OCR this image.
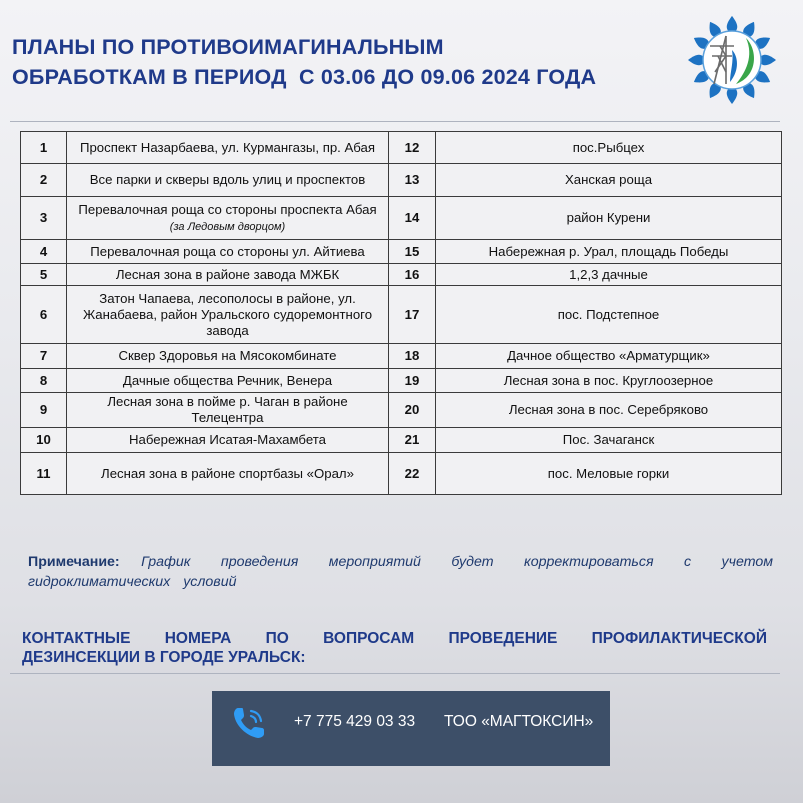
ПЛАНЫ ПО ПРОТИВОИМАГИНАЛЬНЫМ
ОБРАБОТКАМ В ПЕРИОД  С 03.06 ДО 09.06 2024 ГОДА
1	Проспект Назарбаева, ул. Курмангазы, пр. Абая	12	пос.Рыбцех
2	Все парки и скверы вдоль улиц и проспектов	13	Ханская роща
3	Перевалочная роща со стороны проспекта Абая (за Ледовым дворцом)	14	район Курени
4	Перевалочная роща со стороны ул. Айтиева	15	Набережная р. Урал, площадь Победы
5	Лесная зона в районе завода МЖБК	16	1,2,3 дачные
6	Затон Чапаева, лесополосы в районе, ул. Жанабаева, район Уральского судоремонтного завода	17	пос. Подстепное
7	Сквер Здоровья на Мясокомбинате	18	Дачное общество «Арматурщик»
8	Дачные общества Речник, Венера	19	Лесная зона в пос. Круглоозерное
9	Лесная зона в пойме р. Чаган в районе Телецентра	20	Лесная зона в пос. Серебряково
10	Набережная Исатая-Махамбета	21	Пос. Зачаганск
11	Лесная зона в районе спортбазы «Орал»	22	пос. Меловые горки
Примечание: График проведения мероприятий будет корректироваться с учетом гидроклиматических условий
КОНТАКТНЫЕ НОМЕРА ПО ВОПРОСАМ ПРОВЕДЕНИЕ ПРОФИЛАКТИЧЕСКОЙ
ДЕЗИНСЕКЦИИ В ГОРОДЕ УРАЛЬСК:
+7 775 429 03 33 ТОО «МАГТОКСИН»
